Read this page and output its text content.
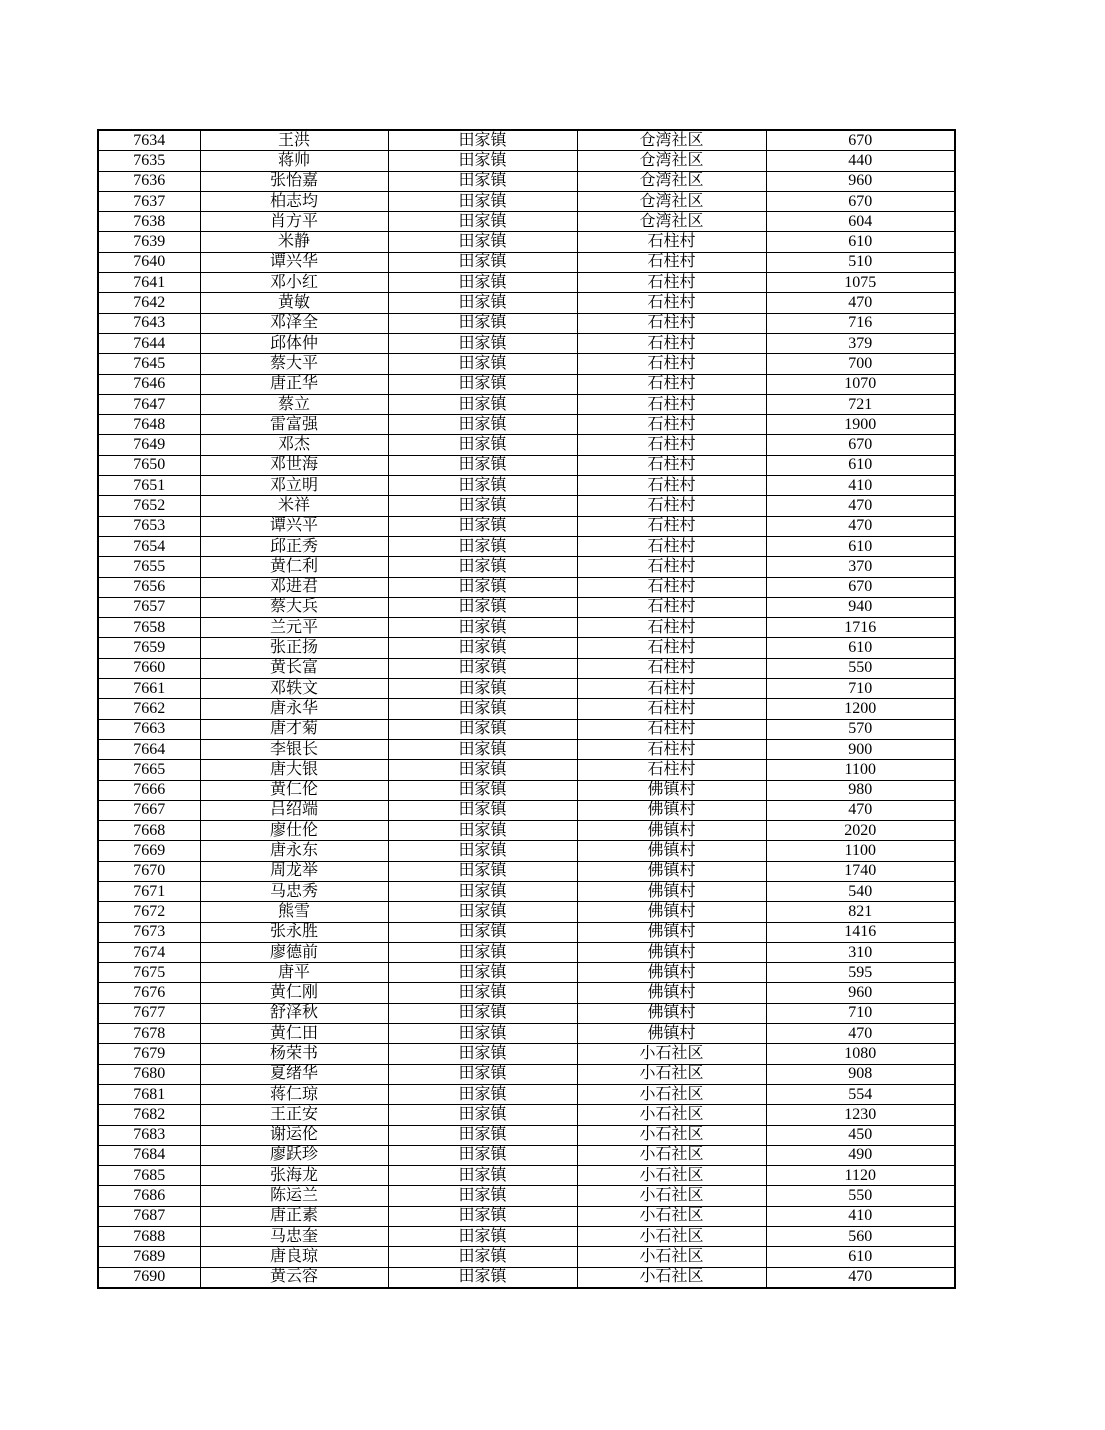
7634	王洪	田家镇	仓湾社区	670
7635	蒋帅	田家镇	仓湾社区	440
7636	张怡嘉	田家镇	仓湾社区	960
7637	柏志均	田家镇	仓湾社区	670
7638	肖方平	田家镇	仓湾社区	604
7639	米静	田家镇	石柱村	610
7640	谭兴华	田家镇	石柱村	510
7641	邓小红	田家镇	石柱村	1075
7642	黄敏	田家镇	石柱村	470
7643	邓泽全	田家镇	石柱村	716
7644	邱体仲	田家镇	石柱村	379
7645	蔡大平	田家镇	石柱村	700
7646	唐正华	田家镇	石柱村	1070
7647	蔡立	田家镇	石柱村	721
7648	雷富强	田家镇	石柱村	1900
7649	邓杰	田家镇	石柱村	670
7650	邓世海	田家镇	石柱村	610
7651	邓立明	田家镇	石柱村	410
7652	米祥	田家镇	石柱村	470
7653	谭兴平	田家镇	石柱村	470
7654	邱正秀	田家镇	石柱村	610
7655	黄仁利	田家镇	石柱村	370
7656	邓进君	田家镇	石柱村	670
7657	蔡大兵	田家镇	石柱村	940
7658	兰元平	田家镇	石柱村	1716
7659	张正扬	田家镇	石柱村	610
7660	黄长富	田家镇	石柱村	550
7661	邓轶文	田家镇	石柱村	710
7662	唐永华	田家镇	石柱村	1200
7663	唐才菊	田家镇	石柱村	570
7664	李银长	田家镇	石柱村	900
7665	唐大银	田家镇	石柱村	1100
7666	黄仁伦	田家镇	佛镇村	980
7667	吕绍端	田家镇	佛镇村	470
7668	廖仕伦	田家镇	佛镇村	2020
7669	唐永东	田家镇	佛镇村	1100
7670	周龙举	田家镇	佛镇村	1740
7671	马忠秀	田家镇	佛镇村	540
7672	熊雪	田家镇	佛镇村	821
7673	张永胜	田家镇	佛镇村	1416
7674	廖德前	田家镇	佛镇村	310
7675	唐平	田家镇	佛镇村	595
7676	黄仁刚	田家镇	佛镇村	960
7677	舒泽秋	田家镇	佛镇村	710
7678	黄仁田	田家镇	佛镇村	470
7679	杨荣书	田家镇	小石社区	1080
7680	夏绪华	田家镇	小石社区	908
7681	蒋仁琼	田家镇	小石社区	554
7682	王正安	田家镇	小石社区	1230
7683	谢运伦	田家镇	小石社区	450
7684	廖跃珍	田家镇	小石社区	490
7685	张海龙	田家镇	小石社区	1120
7686	陈运兰	田家镇	小石社区	550
7687	唐正素	田家镇	小石社区	410
7688	马忠奎	田家镇	小石社区	560
7689	唐良琼	田家镇	小石社区	610
7690	黄云容	田家镇	小石社区	470
